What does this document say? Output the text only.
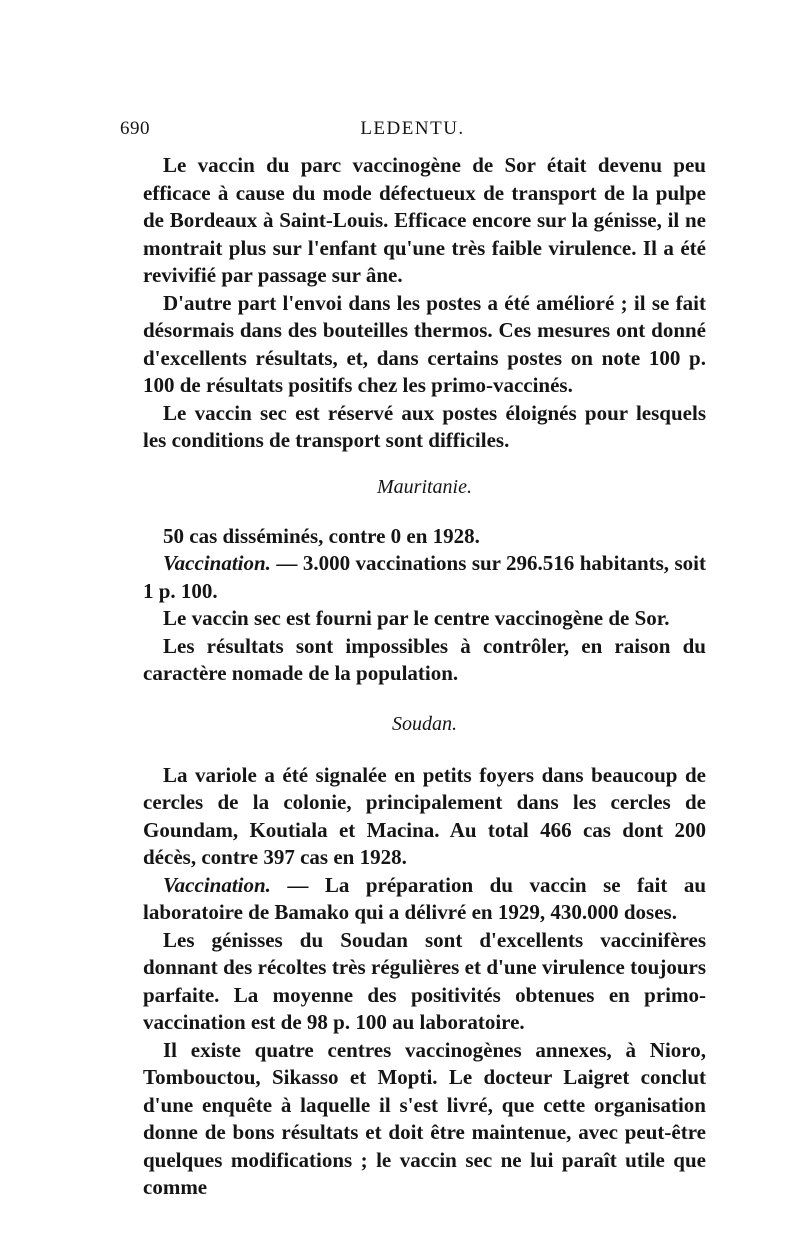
690	LEDENTU.

Le vaccin du parc vaccinogène de Sor était devenu peu efficace à cause du mode défectueux de transport de la pulpe de Bordeaux à Saint-Louis. Efficace encore sur la génisse, il ne montrait plus sur l'enfant qu'une très faible virulence. Il a été revivifié par passage sur âne.

D'autre part l'envoi dans les postes a été amélioré ; il se fait désormais dans des bouteilles thermos. Ces mesures ont donné d'excellents résultats, et, dans certains postes on note 100 p. 100 de résultats positifs chez les primo-vaccinés.

Le vaccin sec est réservé aux postes éloignés pour lesquels les conditions de transport sont difficiles.

Mauritanie.

50 cas disséminés, contre 0 en 1928.

Vaccination. — 3.000 vaccinations sur 296.516 habitants, soit 1 p. 100.

Le vaccin sec est fourni par le centre vaccinogène de Sor.

Les résultats sont impossibles à contrôler, en raison du caractère nomade de la population.

Soudan.

La variole a été signalée en petits foyers dans beaucoup de cercles de la colonie, principalement dans les cercles de Goundam, Koutiala et Macina. Au total 466 cas dont 200 décès, contre 397 cas en 1928.

Vaccination. — La préparation du vaccin se fait au laboratoire de Bamako qui a délivré en 1929, 430.000 doses.

Les génisses du Soudan sont d'excellents vaccinifères donnant des récoltes très régulières et d'une virulence toujours parfaite. La moyenne des positivités obtenues en primo-vaccination est de 98 p. 100 au laboratoire.

Il existe quatre centres vaccinogènes annexes, à Nioro, Tombouctou, Sikasso et Mopti. Le docteur Laigret conclut d'une enquête à laquelle il s'est livré, que cette organisation donne de bons résultats et doit être maintenue, avec peut-être quelques modifications ; le vaccin sec ne lui paraît utile que comme
